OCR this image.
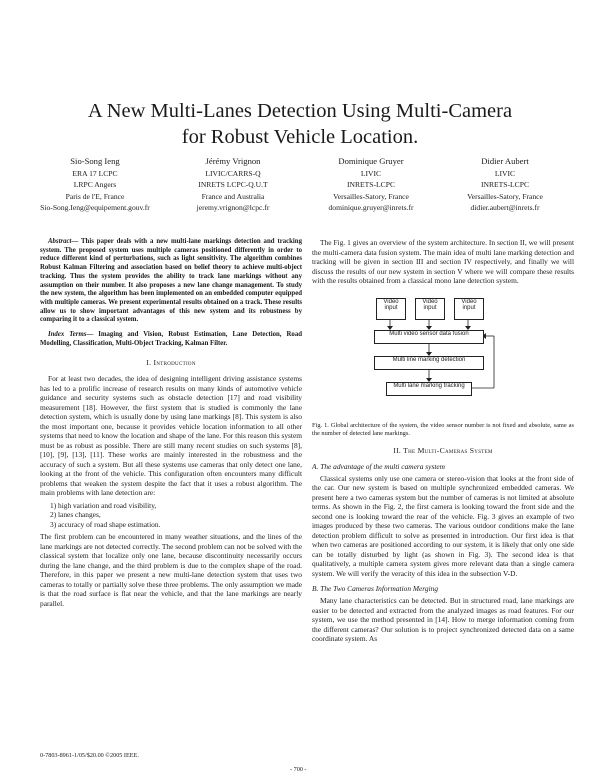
A New Multi-Lanes Detection Using Multi-Camera
for Robust Vehicle Location.
Sio-Song Ieng
ERA 17 LCPC
LRPC Angers
Paris de l'E, France
Sio-Song.Ieng@equipement.gouv.fr
Jérémy Vrignon
LIVIC/CARRS-Q
INRETS LCPC-Q.U.T
France and Australia
jeremy.vrignon@lcpc.fr
Dominique Gruyer
LIVIC
INRETS-LCPC
Versailles-Satory, France
dominique.gruyer@inrets.fr
Didier Aubert
LIVIC
INRETS-LCPC
Versailles-Satory, France
didier.aubert@inrets.fr
Abstract— This paper deals with a new multi-lane markings detection and tracking system. The proposed system uses multiple cameras positioned differently in order to reduce different kind of perturbations, such as light sensitivity. The algorithm combines Robust Kalman Filtering and association based on belief theory to achieve multi-object tracking. Thus the system provides the ability to track lane markings without any assumption on their number. It also proposes a new lane change management. To study the new system, the algorithm has been implemented on an embedded computer equipped with multiple cameras. We present experimental results obtained on a track. These results allow us to show important advantages of this new system and its robustness by comparing it to a classical system.
Index Terms— Imaging and Vision, Robust Estimation, Lane Detection, Road Modelling, Classification, Multi-Object Tracking, Kalman Filter.
I. Introduction
For at least two decades, the idea of designing intelligent driving assistance systems has led to a prolific increase of research results on many kinds of automotive vehicle guidance and security systems such as obstacle detection [17] and road visibility measurement [18]. However, the first system that is studied is commonly the lane detection system, which is usually done by using lane markings [8]. This system is also the most important one, because it provides vehicle location information to all other systems that need to know the location and shape of the lane. For this reason this system must be as robust as possible. There are still many recent studies on such systems [8], [10], [9], [13], [11]. These works are mainly interested in the robustness and the accuracy of such a system. But all these systems use cameras that only detect one lane, looking at the front of the vehicle. This configuration often encounters many difficult problems that weaken the system despite the fact that it uses a robust algorithm. The main problems with lane detection are:
1) high variation and road visibility,
2) lanes changes,
3) accuracy of road shape estimation.
The first problem can be encountered in many weather situations, and the lines of the lane markings are not detected correctly. The second problem can not be solved with the classical system that localize only one lane, because discontinuity necessarily occurs during the lane change, and the third problem is due to the complex shape of the road. Therefore, in this paper we present a new multi-lane detection system that uses two cameras to totally or partially solve these three problems. The only assumption we made is that the road surface is flat near the vehicle, and that the lane markings are nearly parallel.
The Fig. 1 gives an overview of the system architecture. In section II, we will present the multi-camera data fusion system. The main idea of multi lane marking detection and tracking will be given in section III and section IV respectively, and finally we will discuss the results of our new system in section V where we will compare these results with the results obtained from a classical mono lane detection system.
Video input
Video input
Video input
Multi video sensor data fusion
Multi line marking detection
Multi lane marking tracking
Fig. 1. Global architecture of the system, the video sensor number is not fixed and absolute, same as the number of detected lane markings.
II. The Multi-Cameras System
A. The advantage of the multi camera system
Classical systems only use one camera or stereo-vision that looks at the front side of the car. Our new system is based on multiple synchronized embedded cameras. We present here a two cameras system but the number of cameras is not limited at absolute terms. As shown in the Fig. 2, the first camera is looking toward the front side and the second one is looking toward the rear of the vehicle. Fig. 3 gives an example of two images produced by these two cameras. The various outdoor conditions make the lane detection problem difficult to solve as presented in introduction. Our first idea is that when two cameras are positioned according to our system, it is likely that only one side can be totally disturbed by light (as shown in Fig. 3). The second idea is that qualitatively, a multiple camera system gives more relevant data than a single camera system. We will verify the veracity of this idea in the subsection V-D.
B. The Two Cameras Information Merging
Many lane characteristics can be detected. But in structured road, lane markings are easier to be detected and extracted from the analyzed images as road features. For our system, we use the method presented in [14]. How to merge information coming from the different cameras? Our solution is to project synchronized detected data on a same coordinate system. As
0-7803-8961-1/05/$20.00 ©2005 IEEE.
- 700 -
